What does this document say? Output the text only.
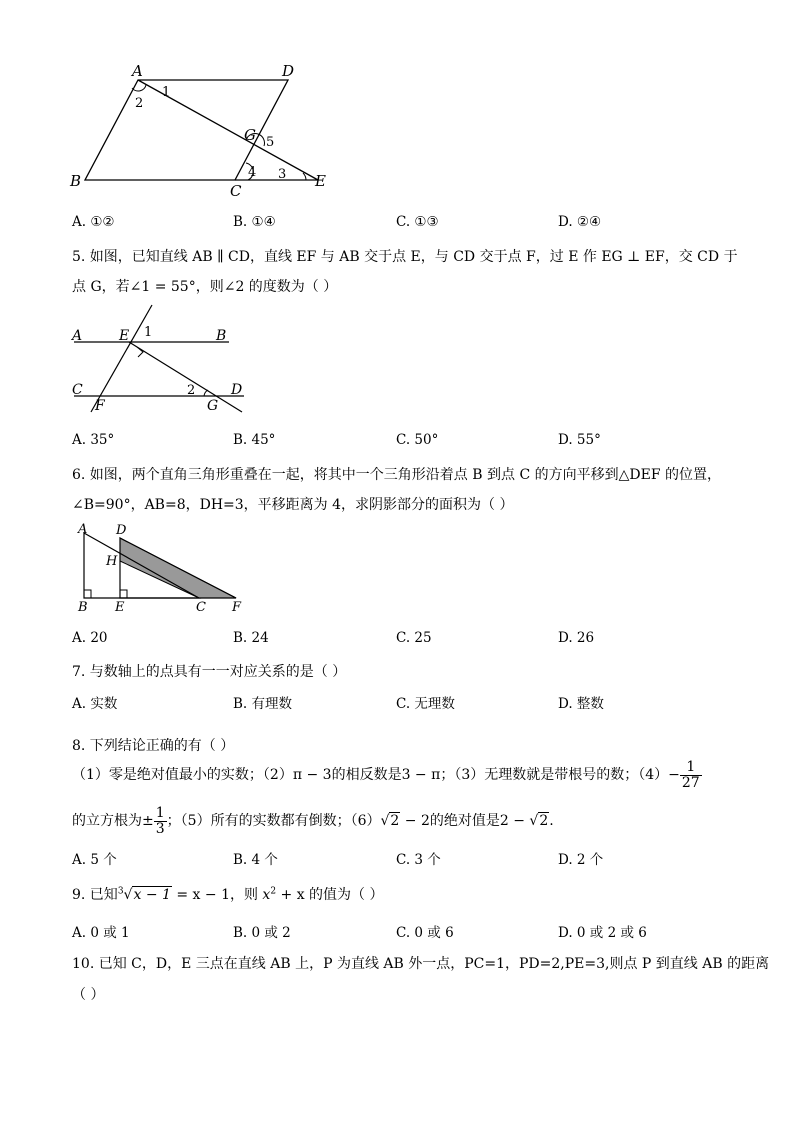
A	D
B
C
E
G
1
2
3
4
5
A. ①②	B. ①④	C. ①③	D. ②④
5. 如图，已知直线 AB ∥ CD，直线 EF 与 AB 交于点 E，与 CD 交于点 F，过 E 作 EG ⊥ EF，交 CD 于
点 G，若∠1 = 55°，则∠2 的度数为（ ）
A	B
E 1
C	D
2
F	G
A. 35°	B. 45°	C. 50°	D. 55°
6. 如图，两个直角三角形重叠在一起，将其中一个三角形沿着点 B 到点 C 的方向平移到△DEF 的位置，
∠B=90°，AB=8，DH=3，平移距离为 4，求阴影部分的面积为（ ）
A D
H
B E	C F
A. 20	B. 24	C. 25	D. 26
7. 与数轴上的点具有一一对应关系的是（ ）
A. 实数	B. 有理数	C. 无理数	D. 整数
8. 下列结论正确的有（ ）
（1）零是绝对值最小的实数；（2）π − 3的相反数是3 − π；（3）无理数就是带根号的数；$(4)- \frac{1}{27}$
的立方根为± $\frac{1}{3}$ ；（5）所有的实数都有倒数；（6）√2 − 2的绝对值是2 − √2.
A. 5 个	B. 4 个	C. 3 个	D. 2 个
9. 已知$^3$√x − 1 = x − 1，则 $x^2 + x$ 的值为（ ）
A. 0 或 1	B. 0 或 2	C. 0 或 6	D. 0 或 2 或 6
10. 已知 C，D，E 三点在直线 AB 上，P 为直线 AB 外一点，PC=1，PD=2,PE=3,则点 P 到直线 AB 的距离
（ ）
